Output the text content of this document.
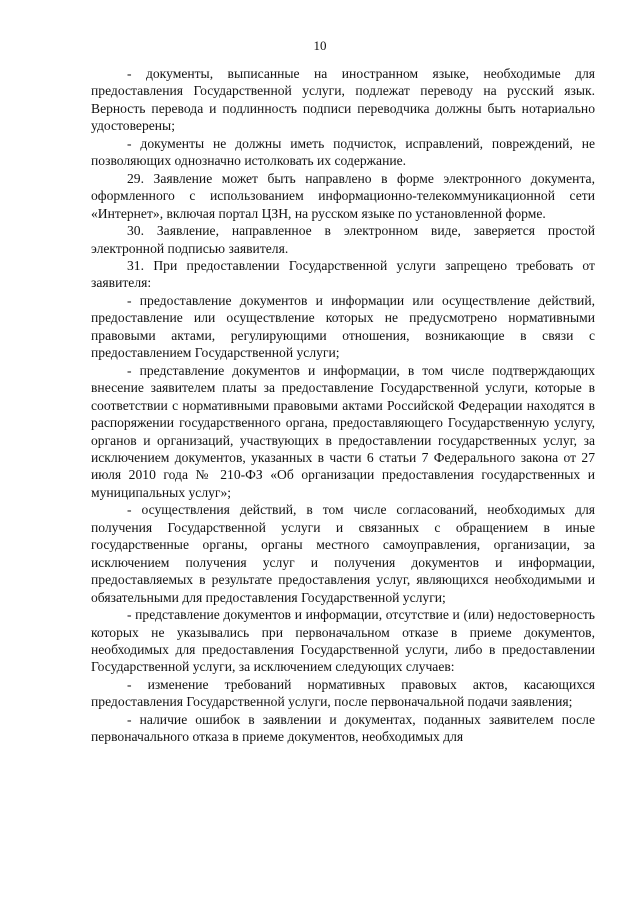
10

- документы, выписанные на иностранном языке, необходимые для предоставления Государственной услуги, подлежат переводу на русский язык. Верность перевода и подлинность подписи переводчика должны быть нотариально удостоверены;

- документы не должны иметь подчисток, исправлений, повреждений, не позволяющих однозначно истолковать их содержание.

29. Заявление может быть направлено в форме электронного документа, оформленного с использованием информационно-телекоммуникационной сети «Интернет», включая портал ЦЗН, на русском языке по установленной форме.

30. Заявление, направленное в электронном виде, заверяется простой электронной подписью заявителя.

31. При предоставлении Государственной услуги запрещено требовать от заявителя:

- предоставление документов и информации или осуществление действий, предоставление или осуществление которых не предусмотрено нормативными правовыми актами, регулирующими отношения, возникающие в связи с предоставлением Государственной услуги;

- представление документов и информации, в том числе подтверждающих внесение заявителем платы за предоставление Государственной услуги, которые в соответствии с нормативными правовыми актами Российской Федерации находятся в распоряжении государственного органа, предоставляющего Государственную услугу, органов и организаций, участвующих в предоставлении государственных услуг, за исключением документов, указанных в части 6 статьи 7 Федерального закона от 27 июля 2010 года № 210-ФЗ «Об организации предоставления государственных и муниципальных услуг»;

- осуществления действий, в том числе согласований, необходимых для получения Государственной услуги и связанных с обращением в иные государственные органы, органы местного самоуправления, организации, за исключением получения услуг и получения документов и информации, предоставляемых в результате предоставления услуг, являющихся необходимыми и обязательными для предоставления Государственной услуги;

- представление документов и информации, отсутствие и (или) недостоверность которых не указывались при первоначальном отказе в приеме документов, необходимых для предоставления Государственной услуги, либо в предоставлении Государственной услуги, за исключением следующих случаев:

- изменение требований нормативных правовых актов, касающихся предоставления Государственной услуги, после первоначальной подачи заявления;

- наличие ошибок в заявлении и документах, поданных заявителем после первоначального отказа в приеме документов, необходимых для
